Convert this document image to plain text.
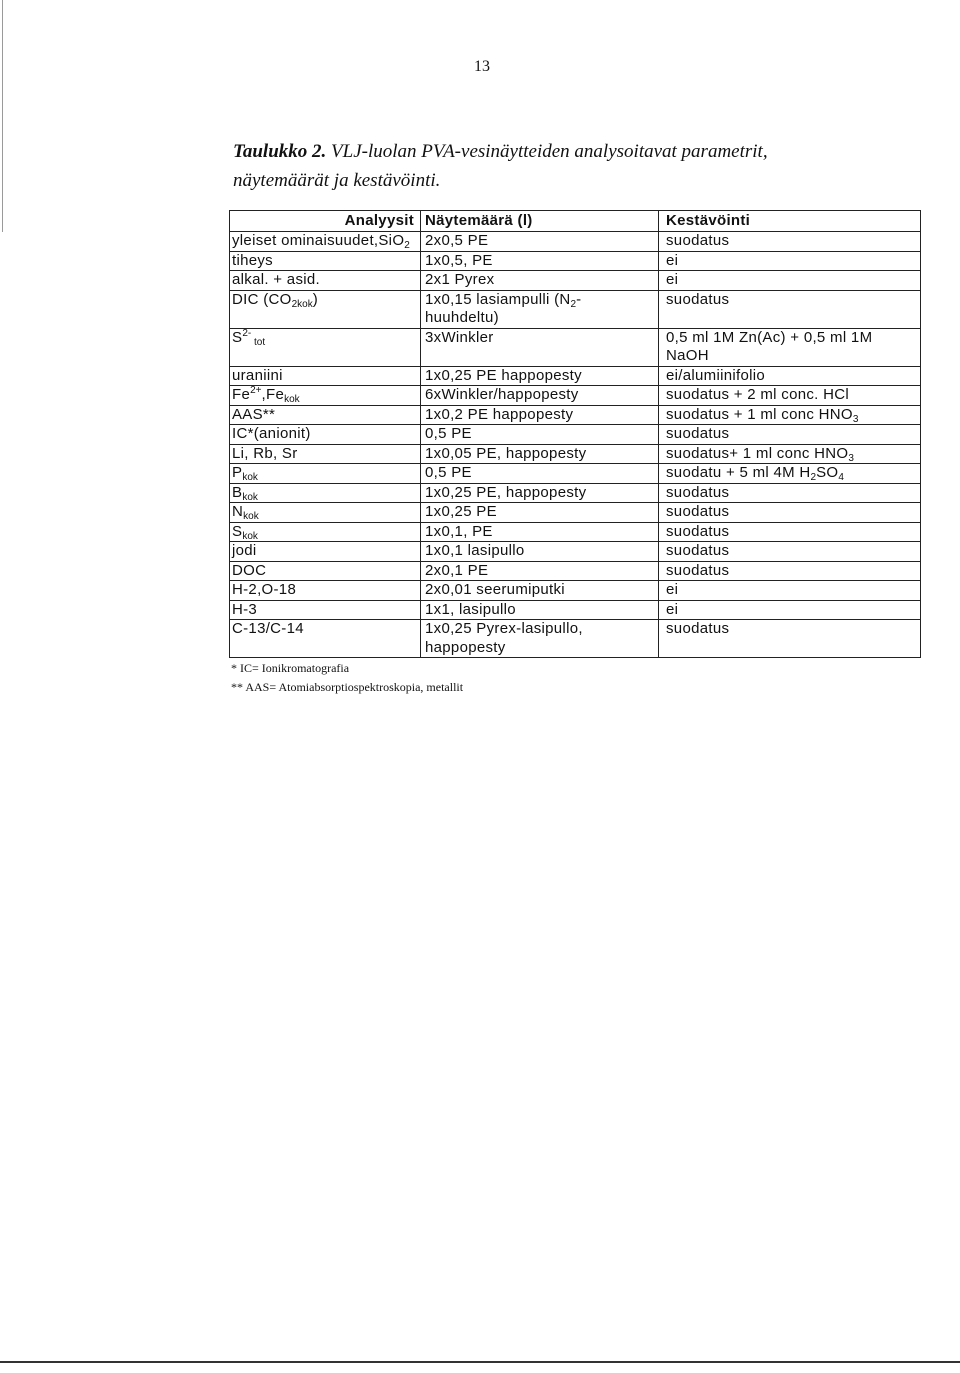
13
Taulukko 2. VLJ-luolan PVA-vesinäytteiden analysoitavat parametrit, näytemäärät ja kestävöinti.
Analyysit	Näytemäärä (l)	Kestävöinti
yleiset ominaisuudet,SiO$_2$	2x0,5 PE	suodatus
tiheys	1x0,5, PE	ei
alkal. + asid.	2x1 Pyrex	ei
DIC $(CO_{2kok})$	1x0,15 lasiampulli $(N_2-huuhdeltu)$	suodatus
$S^{2-}$ $_{tot}$	3xWinkler	0,5 ml 1M Zn(Ac) + 0,5 ml 1M NaOH
uraniini	1x0,25 PE happopesty	ei/alumiinifolio
$Fe^{2+},Fe_{kok}$	6xWinkler/happopesty	suodatus + 2 ml conc. HCl
AAS**	1x0,2 PE happopesty	suodatus + 1 ml conc $HNO_3$
IC*(anionit)	0,5 PE	suodatus
Li, Rb, Sr	1x0,05 PE, happopesty	suodatus+ 1 ml conc $HNO_3$
$P_{kok}$	0,5 PE	suodatu + 5 ml 4M $H_2SO_4$
$B_{kok}$	1x0,25 PE, happopesty	suodatus
$N_{kok}$	1x0,25 PE	suodatus
$S_{kok}$	1x0,1, PE	suodatus
jodi	1x0,1 lasipullo	suodatus
DOC	2x0,1 PE	suodatus
H-2,O-18	2x0,01 seerumiputki	ei
H-3	1x1, lasipullo	ei
C-13/C-14	1x0,25 Pyrex-lasipullo, happopesty	suodatus
* IC= Ionikromatografia
** AAS= Atomiabsorptiospektroskopia, metallit
